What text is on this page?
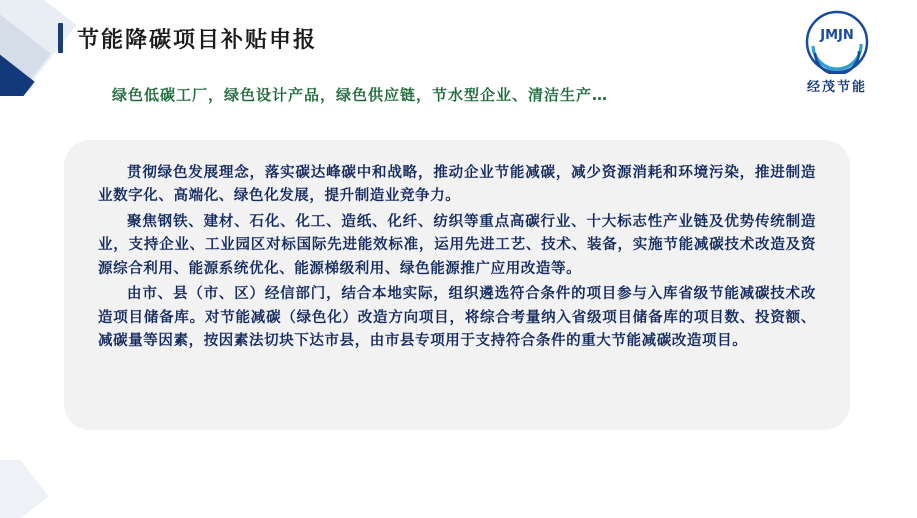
节能降碳项目补贴申报	JMJN
经茂节能
绿色低碳工厂，绿色设计产品，绿色供应链，节水型企业、清洁生产…

贯彻绿色发展理念，落实碳达峰碳中和战略，推动企业节能减碳，减少资源消耗和环境污染，推进制造业数字化、高端化、绿色化发展，提升制造业竞争力。

聚焦钢铁、建材、石化、化工、造纸、化纤、纺织等重点高碳行业、十大标志性产业链及优势传统制造业，支持企业、工业园区对标国际先进能效标准，运用先进工艺、技术、装备，实施节能减碳技术改造及资源综合利用、能源系统优化、能源梯级利用、绿色能源推广应用改造等。

由市、县（市、区）经信部门，结合本地实际，组织遴选符合条件的项目参与入库省级节能减碳技术改造项目储备库。对节能减碳（绿色化）改造方向项目，将综合考量纳入省级项目储备库的项目数、投资额、减碳量等因素，按因素法切块下达市县，由市县专项用于支持符合条件的重大节能减碳改造项目。
